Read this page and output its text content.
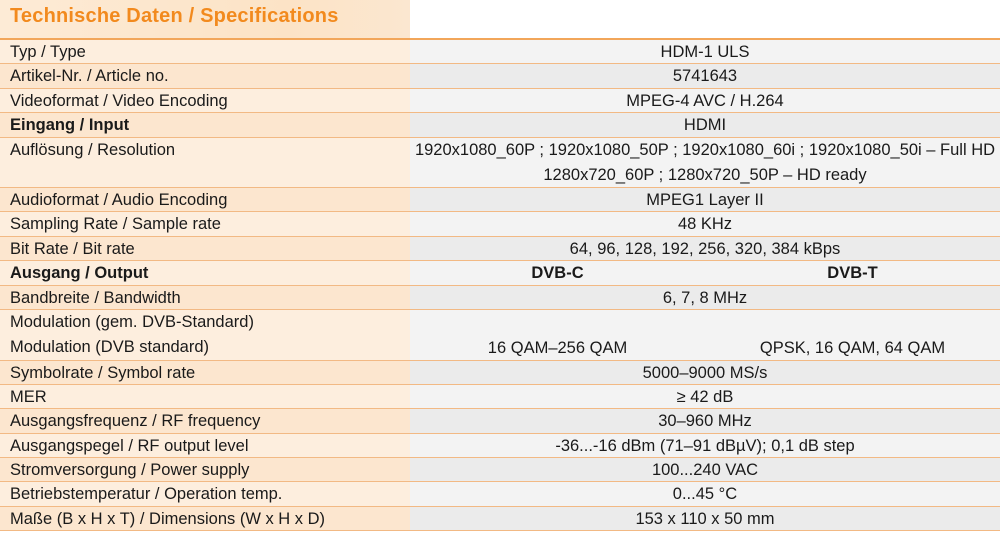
Technische Daten / Specifications
Typ / Type	HDM-1 ULS
Artikel-Nr. / Article no.	5741643
Videoformat / Video Encoding	MPEG-4 AVC / H.264
Eingang / Input	HDMI
Auflösung / Resolution	1920x1080_60P ; 1920x1080_50P ; 1920x1080_60i ; 1920x1080_50i – Full HD
1280x720_60P ; 1280x720_50P – HD ready
Audioformat / Audio Encoding	MPEG1 Layer II
Sampling Rate / Sample rate	48 KHz
Bit Rate / Bit rate	64, 96, 128, 192, 256, 320, 384 kBps
Ausgang / Output	DVB-C	DVB-T
Bandbreite / Bandwidth	6, 7, 8 MHz
Modulation (gem. DVB-Standard)
Modulation (DVB standard)	16 QAM–256 QAM	QPSK, 16 QAM, 64 QAM
Symbolrate / Symbol rate	5000–9000 MS/s
MER	≥ 42 dB
Ausgangsfrequenz / RF frequency	30–960 MHz
Ausgangspegel / RF output level	-36...-16 dBm (71–91 dBµV); 0,1 dB step
Stromversorgung / Power supply	100...240 VAC
Betriebstemperatur / Operation temp.	0...45 °C
Maße (B x H x T) / Dimensions (W x H x D)	153 x 110 x 50 mm
